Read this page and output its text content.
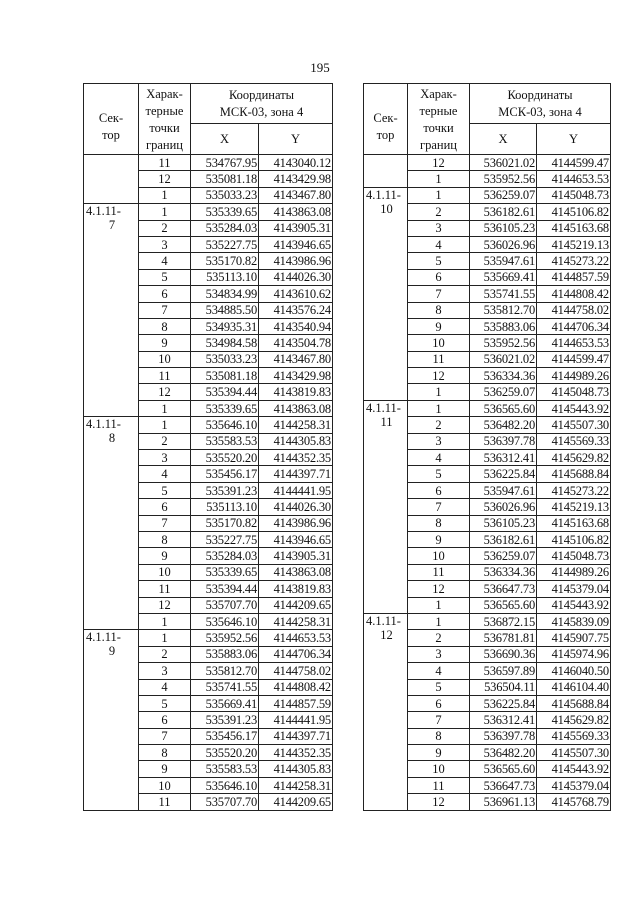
195
Сек-
тор	Харак-
терные
точки
границ	Координаты
МСК-03, зона 4	
		X	Y
	11	534767.95	4143040.12
	12	535081.18	4143429.98
	1	535033.23	4143467.80
4.1.11-
7	1	535339.65	4143863.08
	2	535284.03	4143905.31
	3	535227.75	4143946.65
	4	535170.82	4143986.96
	5	535113.10	4144026.30
	6	534834.99	4143610.62
	7	534885.50	4143576.24
	8	534935.31	4143540.94
	9	534984.58	4143504.78
	10	535033.23	4143467.80
	11	535081.18	4143429.98
	12	535394.44	4143819.83
	1	535339.65	4143863.08
4.1.11-
8	1	535646.10	4144258.31
	2	535583.53	4144305.83
	3	535520.20	4144352.35
	4	535456.17	4144397.71
	5	535391.23	4144441.95
	6	535113.10	4144026.30
	7	535170.82	4143986.96
	8	535227.75	4143946.65
	9	535284.03	4143905.31
	10	535339.65	4143863.08
	11	535394.44	4143819.83
	12	535707.70	4144209.65
	1	535646.10	4144258.31
4.1.11-
9	1	535952.56	4144653.53
	2	535883.06	4144706.34
	3	535812.70	4144758.02
	4	535741.55	4144808.42
	5	535669.41	4144857.59
	6	535391.23	4144441.95
	7	535456.17	4144397.71
	8	535520.20	4144352.35
	9	535583.53	4144305.83
	10	535646.10	4144258.31
	11	535707.70	4144209.65
Сек-
тор	Харак-
терные
точки
границ	Координаты
МСК-03, зона 4	
		X	Y
	12	536021.02	4144599.47
	1	535952.56	4144653.53
4.1.11-
10	1	536259.07	4145048.73
	2	536182.61	4145106.82
	3	536105.23	4145163.68
	4	536026.96	4145219.13
	5	535947.61	4145273.22
	6	535669.41	4144857.59
	7	535741.55	4144808.42
	8	535812.70	4144758.02
	9	535883.06	4144706.34
	10	535952.56	4144653.53
	11	536021.02	4144599.47
	12	536334.36	4144989.26
	1	536259.07	4145048.73
4.1.11-
11	1	536565.60	4145443.92
	2	536482.20	4145507.30
	3	536397.78	4145569.33
	4	536312.41	4145629.82
	5	536225.84	4145688.84
	6	535947.61	4145273.22
	7	536026.96	4145219.13
	8	536105.23	4145163.68
	9	536182.61	4145106.82
	10	536259.07	4145048.73
	11	536334.36	4144989.26
	12	536647.73	4145379.04
	1	536565.60	4145443.92
4.1.11-
12	1	536872.15	4145839.09
	2	536781.81	4145907.75
	3	536690.36	4145974.96
	4	536597.89	4146040.50
	5	536504.11	4146104.40
	6	536225.84	4145688.84
	7	536312.41	4145629.82
	8	536397.78	4145569.33
	9	536482.20	4145507.30
	10	536565.60	4145443.92
	11	536647.73	4145379.04
	12	536961.13	4145768.79
